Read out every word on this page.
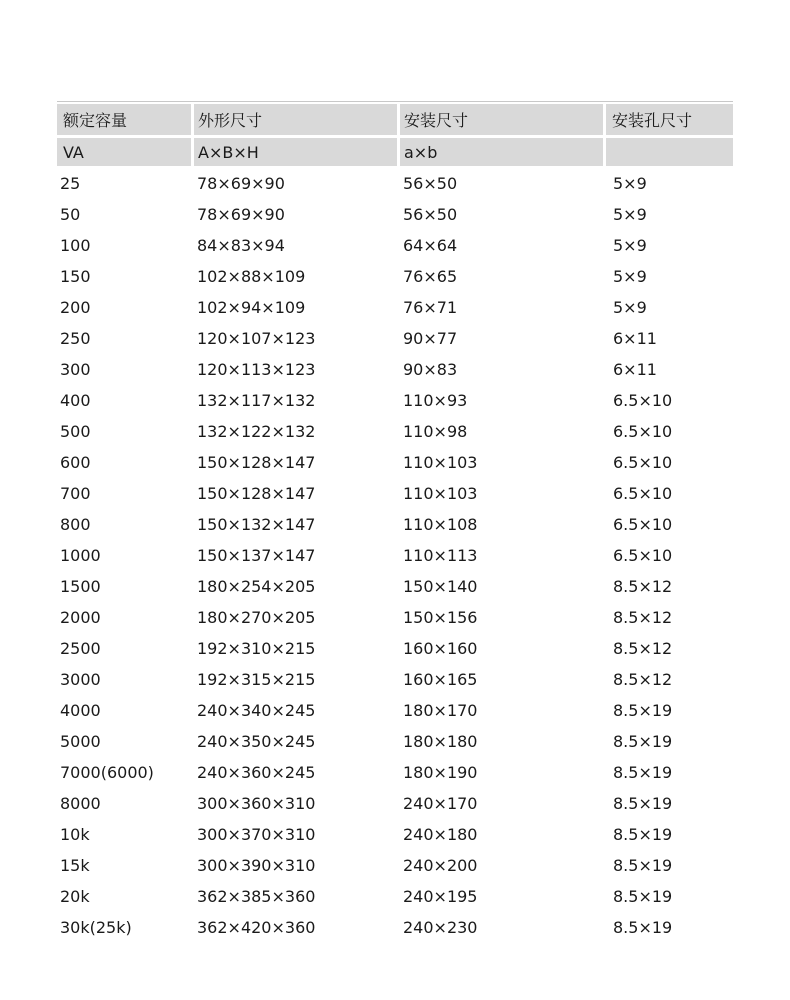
额定容量	外形尺寸	安装尺寸	安装孔尺寸
VA	A×B×H	a×b
25	78×69×90	56×50	5×9
50	78×69×90	56×50	5×9
100	84×83×94	64×64	5×9
150	102×88×109	76×65	5×9
200	102×94×109	76×71	5×9
250	120×107×123	90×77	6×11
300	120×113×123	90×83	6×11
400	132×117×132	110×93	6.5×10
500	132×122×132	110×98	6.5×10
600	150×128×147	110×103	6.5×10
700	150×128×147	110×103	6.5×10
800	150×132×147	110×108	6.5×10
1000	150×137×147	110×113	6.5×10
1500	180×254×205	150×140	8.5×12
2000	180×270×205	150×156	8.5×12
2500	192×310×215	160×160	8.5×12
3000	192×315×215	160×165	8.5×12
4000	240×340×245	180×170	8.5×19
5000	240×350×245	180×180	8.5×19
7000(6000)	240×360×245	180×190	8.5×19
8000	300×360×310	240×170	8.5×19
10k	300×370×310	240×180	8.5×19
15k	300×390×310	240×200	8.5×19
20k	362×385×360	240×195	8.5×19
30k(25k)	362×420×360	240×230	8.5×19
